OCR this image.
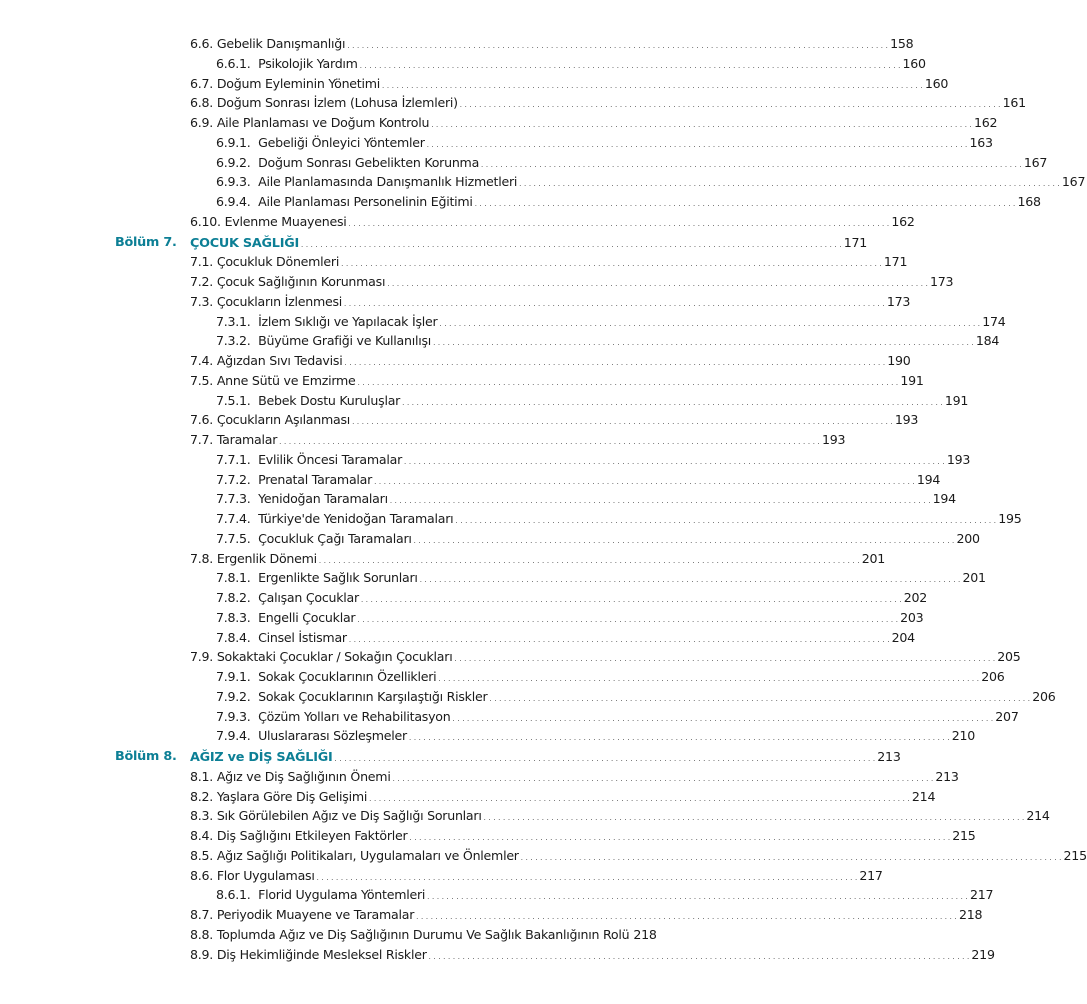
6.6.
Gebelik Danışmanlığı . . . . . . . . . . . . . . . . . . . . . . . . . . . . . . . . . . . . . . . . . . . . . . . . . . . . . . . . . . . . . . . . . . . . . . . . . . . . . . . . . . . . . . . . . . . . . . . . . . . . . . . . . . . . . . . . 158
6.6.1.
Psikolojik Yardım . . . . . . . . . . . . . . . . . . . . . . . . . . . . . . . . . . . . . . . . . . . . . . . . . . . . . . . . . . . . . . . . . . . . . . . . . . . . . . . . . . . . . . . . . . . . . . . . . . . . . . . . . . . . . . . . 160
6.7.
Doğum Eyleminin Yönetimi . . . . . . . . . . . . . . . . . . . . . . . . . . . . . . . . . . . . . . . . . . . . . . . . . . . . . . . . . . . . . . . . . . . . . . . . . . . . . . . . . . . . . . . . . . . . . . . . . . . . . . . . . . . . . . . . 160
6.8.
Doğum Sonrası İzlem (Lohusa İzlemleri) . . . . . . . . . . . . . . . . . . . . . . . . . . . . . . . . . . . . . . . . . . . . . . . . . . . . . . . . . . . . . . . . . . . . . . . . . . . . . . . . . . . . . . . . . . . . . . . . . . . . . . . . . . . . . . . . 161
6.9.
Aile Planlaması ve Doğum Kontrolu . . . . . . . . . . . . . . . . . . . . . . . . . . . . . . . . . . . . . . . . . . . . . . . . . . . . . . . . . . . . . . . . . . . . . . . . . . . . . . . . . . . . . . . . . . . . . . . . . . . . . . . . . . . . . . . . 162
6.9.1.
Gebeliği Önleyici Yöntemler . . . . . . . . . . . . . . . . . . . . . . . . . . . . . . . . . . . . . . . . . . . . . . . . . . . . . . . . . . . . . . . . . . . . . . . . . . . . . . . . . . . . . . . . . . . . . . . . . . . . . . . . . . . . . . . . 163
6.9.2.
Doğum Sonrası Gebelikten Korunma . . . . . . . . . . . . . . . . . . . . . . . . . . . . . . . . . . . . . . . . . . . . . . . . . . . . . . . . . . . . . . . . . . . . . . . . . . . . . . . . . . . . . . . . . . . . . . . . . . . . . . . . . . . . . . . . 167
6.9.3.
Aile Planlamasında Danışmanlık Hizmetleri . . . . . . . . . . . . . . . . . . . . . . . . . . . . . . . . . . . . . . . . . . . . . . . . . . . . . . . . . . . . . . . . . . . . . . . . . . . . . . . . . . . . . . . . . . . . . . . . . . . . . . . . . . . . . . . . 167
6.9.4.
Aile Planlaması Personelinin Eğitimi . . . . . . . . . . . . . . . . . . . . . . . . . . . . . . . . . . . . . . . . . . . . . . . . . . . . . . . . . . . . . . . . . . . . . . . . . . . . . . . . . . . . . . . . . . . . . . . . . . . . . . . . . . . . . . . . 168
6.10.
Evlenme Muayenesi . . . . . . . . . . . . . . . . . . . . . . . . . . . . . . . . . . . . . . . . . . . . . . . . . . . . . . . . . . . . . . . . . . . . . . . . . . . . . . . . . . . . . . . . . . . . . . . . . . . . . . . . . . . . . . . . 162
Bölüm 7. ÇOCUK SAĞLIĞI . . . . . . . . . . . . . . . . . . . . . . . . . . . . . . . . . . . . . . . . . . . . . . . . . . . . . . . . . . . . . . . . . . . . . . . . . . . . . . . . . . . . . . . . . . . . . . . . . . . . . . . . . . . . . . . . 171
7.1.
Çocukluk Dönemleri . . . . . . . . . . . . . . . . . . . . . . . . . . . . . . . . . . . . . . . . . . . . . . . . . . . . . . . . . . . . . . . . . . . . . . . . . . . . . . . . . . . . . . . . . . . . . . . . . . . . . . . . . . . . . . . . 171
7.2.
Çocuk Sağlığının Korunması . . . . . . . . . . . . . . . . . . . . . . . . . . . . . . . . . . . . . . . . . . . . . . . . . . . . . . . . . . . . . . . . . . . . . . . . . . . . . . . . . . . . . . . . . . . . . . . . . . . . . . . . . . . . . . . . 173
7.3.
Çocukların İzlenmesi . . . . . . . . . . . . . . . . . . . . . . . . . . . . . . . . . . . . . . . . . . . . . . . . . . . . . . . . . . . . . . . . . . . . . . . . . . . . . . . . . . . . . . . . . . . . . . . . . . . . . . . . . . . . . . . . 173
7.3.1.
İzlem Sıklığı ve Yapılacak İşler . . . . . . . . . . . . . . . . . . . . . . . . . . . . . . . . . . . . . . . . . . . . . . . . . . . . . . . . . . . . . . . . . . . . . . . . . . . . . . . . . . . . . . . . . . . . . . . . . . . . . . . . . . . . . . . . 174
7.3.2.
Büyüme Grafiği ve Kullanılışı . . . . . . . . . . . . . . . . . . . . . . . . . . . . . . . . . . . . . . . . . . . . . . . . . . . . . . . . . . . . . . . . . . . . . . . . . . . . . . . . . . . . . . . . . . . . . . . . . . . . . . . . . . . . . . . . 184
7.4.
Ağızdan Sıvı Tedavisi . . . . . . . . . . . . . . . . . . . . . . . . . . . . . . . . . . . . . . . . . . . . . . . . . . . . . . . . . . . . . . . . . . . . . . . . . . . . . . . . . . . . . . . . . . . . . . . . . . . . . . . . . . . . . . . . 190
7.5.
Anne Sütü ve Emzirme . . . . . . . . . . . . . . . . . . . . . . . . . . . . . . . . . . . . . . . . . . . . . . . . . . . . . . . . . . . . . . . . . . . . . . . . . . . . . . . . . . . . . . . . . . . . . . . . . . . . . . . . . . . . . . . . 191
7.5.1.
Bebek Dostu Kuruluşlar . . . . . . . . . . . . . . . . . . . . . . . . . . . . . . . . . . . . . . . . . . . . . . . . . . . . . . . . . . . . . . . . . . . . . . . . . . . . . . . . . . . . . . . . . . . . . . . . . . . . . . . . . . . . . . . . 191
7.6.
Çocukların Aşılanması . . . . . . . . . . . . . . . . . . . . . . . . . . . . . . . . . . . . . . . . . . . . . . . . . . . . . . . . . . . . . . . . . . . . . . . . . . . . . . . . . . . . . . . . . . . . . . . . . . . . . . . . . . . . . . . . 193
7.7.
Taramalar . . . . . . . . . . . . . . . . . . . . . . . . . . . . . . . . . . . . . . . . . . . . . . . . . . . . . . . . . . . . . . . . . . . . . . . . . . . . . . . . . . . . . . . . . . . . . . . . . . . . . . . . . . . . . . . . 193
7.7.1.
Evlilik Öncesi Taramalar . . . . . . . . . . . . . . . . . . . . . . . . . . . . . . . . . . . . . . . . . . . . . . . . . . . . . . . . . . . . . . . . . . . . . . . . . . . . . . . . . . . . . . . . . . . . . . . . . . . . . . . . . . . . . . . . 193
7.7.2.
Prenatal Taramalar . . . . . . . . . . . . . . . . . . . . . . . . . . . . . . . . . . . . . . . . . . . . . . . . . . . . . . . . . . . . . . . . . . . . . . . . . . . . . . . . . . . . . . . . . . . . . . . . . . . . . . . . . . . . . . . . 194
7.7.3.
Yenidoğan Taramaları . . . . . . . . . . . . . . . . . . . . . . . . . . . . . . . . . . . . . . . . . . . . . . . . . . . . . . . . . . . . . . . . . . . . . . . . . . . . . . . . . . . . . . . . . . . . . . . . . . . . . . . . . . . . . . . . 194
7.7.4.
Türkiye'de Yenidoğan Taramaları . . . . . . . . . . . . . . . . . . . . . . . . . . . . . . . . . . . . . . . . . . . . . . . . . . . . . . . . . . . . . . . . . . . . . . . . . . . . . . . . . . . . . . . . . . . . . . . . . . . . . . . . . . . . . . . . 195
7.7.5.
Çocukluk Çağı Taramaları . . . . . . . . . . . . . . . . . . . . . . . . . . . . . . . . . . . . . . . . . . . . . . . . . . . . . . . . . . . . . . . . . . . . . . . . . . . . . . . . . . . . . . . . . . . . . . . . . . . . . . . . . . . . . . . . 200
7.8.
Ergenlik Dönemi . . . . . . . . . . . . . . . . . . . . . . . . . . . . . . . . . . . . . . . . . . . . . . . . . . . . . . . . . . . . . . . . . . . . . . . . . . . . . . . . . . . . . . . . . . . . . . . . . . . . . . . . . . . . . . . . 201
7.8.1.
Ergenlikte Sağlık Sorunları . . . . . . . . . . . . . . . . . . . . . . . . . . . . . . . . . . . . . . . . . . . . . . . . . . . . . . . . . . . . . . . . . . . . . . . . . . . . . . . . . . . . . . . . . . . . . . . . . . . . . . . . . . . . . . . . 201
7.8.2.
Çalışan Çocuklar . . . . . . . . . . . . . . . . . . . . . . . . . . . . . . . . . . . . . . . . . . . . . . . . . . . . . . . . . . . . . . . . . . . . . . . . . . . . . . . . . . . . . . . . . . . . . . . . . . . . . . . . . . . . . . . . 202
7.8.3.
Engelli Çocuklar . . . . . . . . . . . . . . . . . . . . . . . . . . . . . . . . . . . . . . . . . . . . . . . . . . . . . . . . . . . . . . . . . . . . . . . . . . . . . . . . . . . . . . . . . . . . . . . . . . . . . . . . . . . . . . . . 203
7.8.4.
Cinsel İstismar . . . . . . . . . . . . . . . . . . . . . . . . . . . . . . . . . . . . . . . . . . . . . . . . . . . . . . . . . . . . . . . . . . . . . . . . . . . . . . . . . . . . . . . . . . . . . . . . . . . . . . . . . . . . . . . . 204
7.9.
Sokaktaki Çocuklar / Sokağın Çocukları . . . . . . . . . . . . . . . . . . . . . . . . . . . . . . . . . . . . . . . . . . . . . . . . . . . . . . . . . . . . . . . . . . . . . . . . . . . . . . . . . . . . . . . . . . . . . . . . . . . . . . . . . . . . . . . . 205
7.9.1.
Sokak Çocuklarının Özellikleri . . . . . . . . . . . . . . . . . . . . . . . . . . . . . . . . . . . . . . . . . . . . . . . . . . . . . . . . . . . . . . . . . . . . . . . . . . . . . . . . . . . . . . . . . . . . . . . . . . . . . . . . . . . . . . . . 206
7.9.2.
Sokak Çocuklarının Karşılaştığı Riskler . . . . . . . . . . . . . . . . . . . . . . . . . . . . . . . . . . . . . . . . . . . . . . . . . . . . . . . . . . . . . . . . . . . . . . . . . . . . . . . . . . . . . . . . . . . . . . . . . . . . . . . . . . . . . . . . 206
7.9.3.
Çözüm Yolları ve Rehabilitasyon . . . . . . . . . . . . . . . . . . . . . . . . . . . . . . . . . . . . . . . . . . . . . . . . . . . . . . . . . . . . . . . . . . . . . . . . . . . . . . . . . . . . . . . . . . . . . . . . . . . . . . . . . . . . . . . . 207
7.9.4.
Uluslararası Sözleşmeler . . . . . . . . . . . . . . . . . . . . . . . . . . . . . . . . . . . . . . . . . . . . . . . . . . . . . . . . . . . . . . . . . . . . . . . . . . . . . . . . . . . . . . . . . . . . . . . . . . . . . . . . . . . . . . . . 210
Bölüm 8. AĞIZ ve DİŞ SAĞLIĞI . . . . . . . . . . . . . . . . . . . . . . . . . . . . . . . . . . . . . . . . . . . . . . . . . . . . . . . . . . . . . . . . . . . . . . . . . . . . . . . . . . . . . . . . . . . . . . . . . . . . . . . . . . . . . . . . 213
8.1.
Ağız ve Diş Sağlığının Önemi . . . . . . . . . . . . . . . . . . . . . . . . . . . . . . . . . . . . . . . . . . . . . . . . . . . . . . . . . . . . . . . . . . . . . . . . . . . . . . . . . . . . . . . . . . . . . . . . . . . . . . . . . . . . . . . . 213
8.2.
Yaşlara Göre Diş Gelişimi . . . . . . . . . . . . . . . . . . . . . . . . . . . . . . . . . . . . . . . . . . . . . . . . . . . . . . . . . . . . . . . . . . . . . . . . . . . . . . . . . . . . . . . . . . . . . . . . . . . . . . . . . . . . . . . . 214
8.3.
Sık Görülebilen Ağız ve Diş Sağlığı Sorunları . . . . . . . . . . . . . . . . . . . . . . . . . . . . . . . . . . . . . . . . . . . . . . . . . . . . . . . . . . . . . . . . . . . . . . . . . . . . . . . . . . . . . . . . . . . . . . . . . . . . . . . . . . . . . . . . 214
8.4.
Diş Sağlığını Etkileyen Faktörler . . . . . . . . . . . . . . . . . . . . . . . . . . . . . . . . . . . . . . . . . . . . . . . . . . . . . . . . . . . . . . . . . . . . . . . . . . . . . . . . . . . . . . . . . . . . . . . . . . . . . . . . . . . . . . . . 215
8.5.
Ağız Sağlığı Politikaları, Uygulamaları ve Önlemler . . . . . . . . . . . . . . . . . . . . . . . . . . . . . . . . . . . . . . . . . . . . . . . . . . . . . . . . . . . . . . . . . . . . . . . . . . . . . . . . . . . . . . . . . . . . . . . . . . . . . . . . . . . . . . . . 215
8.6.
Flor Uygulaması . . . . . . . . . . . . . . . . . . . . . . . . . . . . . . . . . . . . . . . . . . . . . . . . . . . . . . . . . . . . . . . . . . . . . . . . . . . . . . . . . . . . . . . . . . . . . . . . . . . . . . . . . . . . . . . . 217
8.6.1.
Florid Uygulama Yöntemleri . . . . . . . . . . . . . . . . . . . . . . . . . . . . . . . . . . . . . . . . . . . . . . . . . . . . . . . . . . . . . . . . . . . . . . . . . . . . . . . . . . . . . . . . . . . . . . . . . . . . . . . . . . . . . . . . 217
8.7.
Periyodik Muayene ve Taramalar . . . . . . . . . . . . . . . . . . . . . . . . . . . . . . . . . . . . . . . . . . . . . . . . . . . . . . . . . . . . . . . . . . . . . . . . . . . . . . . . . . . . . . . . . . . . . . . . . . . . . . . . . . . . . . . . 218
8.8.
Toplumda Ağız ve Diş Sağlığının Durumu Ve Sağlık Bakanlığının Rolü 218
8.9.
Diş Hekimliğinde Mesleksel Riskler . . . . . . . . . . . . . . . . . . . . . . . . . . . . . . . . . . . . . . . . . . . . . . . . . . . . . . . . . . . . . . . . . . . . . . . . . . . . . . . . . . . . . . . . . . . . . . . . . . . . . . . . . . . . . . . . 219
